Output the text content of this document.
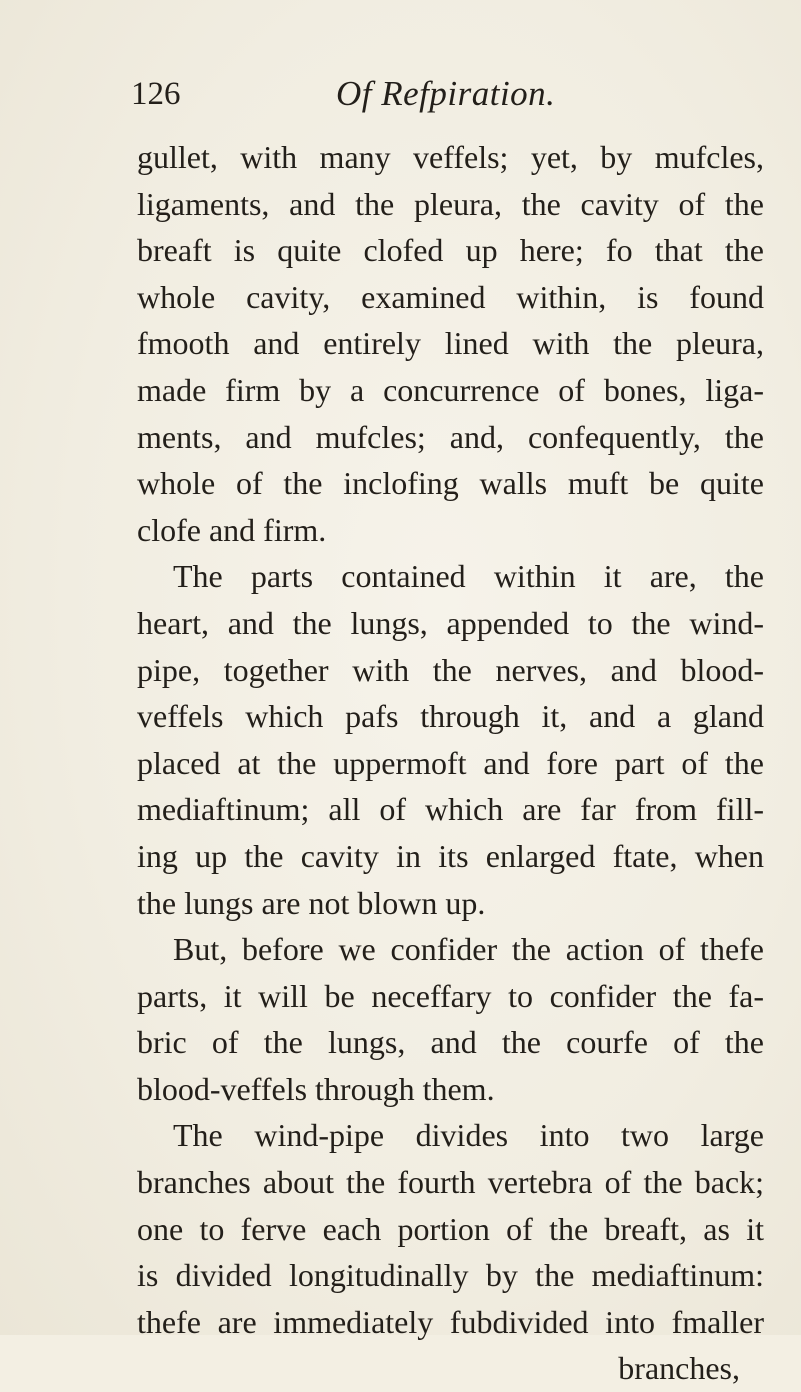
126	Of Refpiration.
gullet, with many veffels; yet, by mufcles,
ligaments, and the pleura, the cavity of the
breaft is quite clofed up here; fo that the
whole cavity, examined within, is found
fmooth and entirely lined with the pleura,
made firm by a concurrence of bones, liga-
ments, and mufcles; and, confequently, the
whole of the inclofing walls muft be quite
clofe and firm.
The parts contained within it are, the
heart, and the lungs, appended to the wind-
pipe, together with the nerves, and blood-
veffels which pafs through it, and a gland
placed at the uppermoft and fore part of the
mediaftinum; all of which are far from fill-
ing up the cavity in its enlarged ftate, when
the lungs are not blown up.
But, before we confider the action of thefe
parts, it will be neceffary to confider the fa-
bric of the lungs, and the courfe of the
blood-veffels through them.
The wind-pipe divides into two large
branches about the fourth vertebra of the back;
one to ferve each portion of the breaft, as it
is divided longitudinally by the mediaftinum:
thefe are immediately fubdivided into fmaller
branches,
